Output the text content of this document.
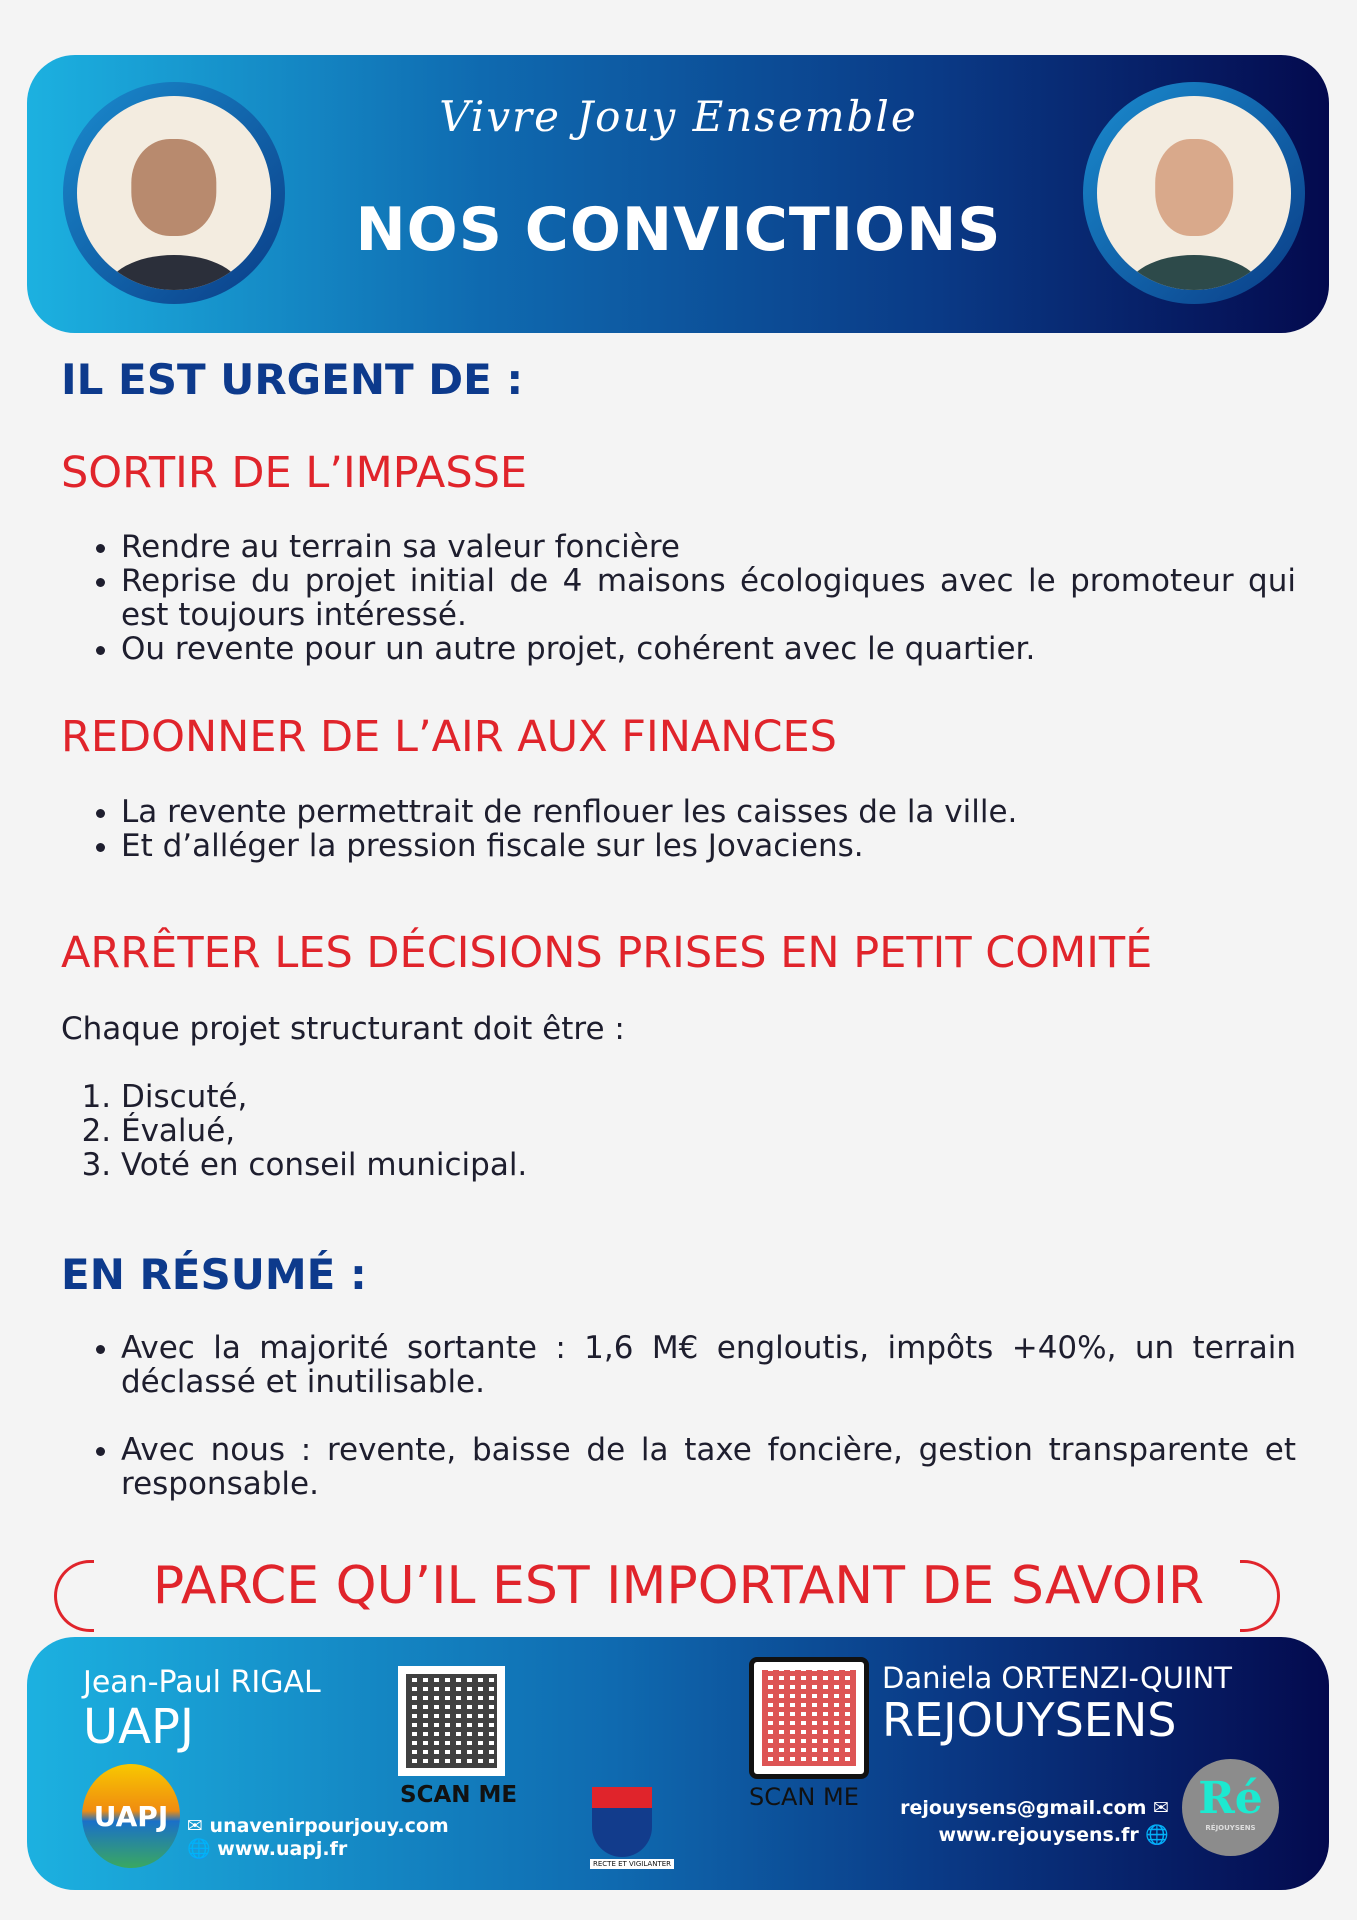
Vivre Jouy Ensemble
NOS CONVICTIONS
IL EST URGENT DE :
SORTIR DE L’IMPASSE
• Rendre au terrain sa valeur foncière
• Reprise du projet initial de 4 maisons écologiques avec le promoteur qui est toujours intéressé.
• Ou revente pour un autre projet, cohérent avec le quartier.
REDONNER DE L’AIR AUX FINANCES
• La revente permettrait de renflouer les caisses de la ville.
• Et d’alléger la pression fiscale sur les Jovaciens.
ARRÊTER LES DÉCISIONS PRISES EN PETIT COMITÉ
Chaque projet structurant doit être :
1. Discuté,
2. Évalué,
3. Voté en conseil municipal.
EN RÉSUMÉ :
• Avec la majorité sortante : 1,6 M€ engloutis, impôts +40%, un terrain déclassé et inutilisable.
• Avec nous : revente, baisse de la taxe foncière, gestion transparente et responsable.
PARCE QU’IL EST IMPORTANT DE SAVOIR
Jean-Paul RIGAL
UAPJ
UAPJ ✉ unavenirpourjouy.com
🌐 www.uapj.fr
SCAN ME
RECTE ET VIGILANTER
SCAN ME
Daniela ORTENZI-QUINT
REJOUYSENS
rejouysens@gmail.com ✉
www.rejouysens.fr 🌐
Ré
RÉJOUYSENS
